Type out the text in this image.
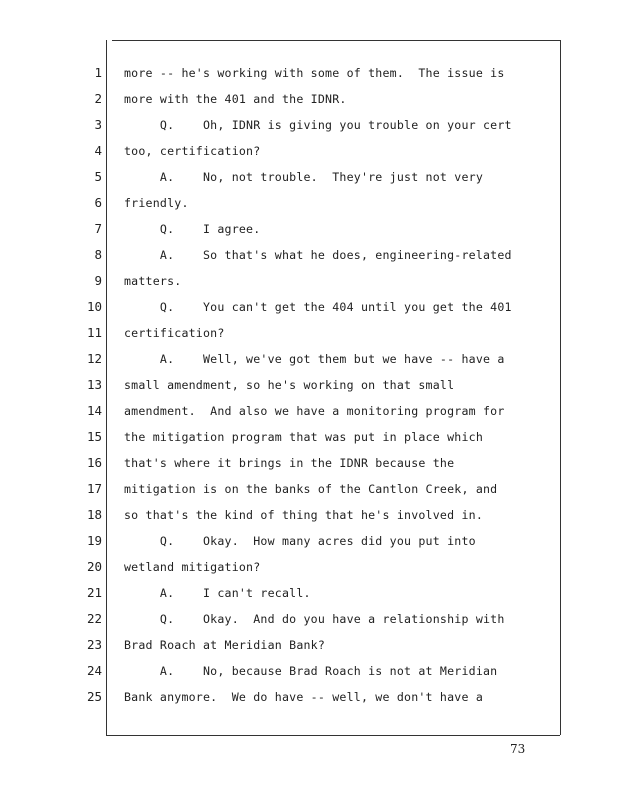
1 more -- he's working with some of them.  The issue is
2 more with the 401 and the IDNR.
3 Q.    Oh, IDNR is giving you trouble on your cert
4 too, certification?
5 A.    No, not trouble.  They're just not very
6 friendly.
7 Q.    I agree.
8 A.    So that's what he does, engineering-related
9 matters.
10 Q.    You can't get the 404 until you get the 401
11 certification?
12 A.    Well, we've got them but we have -- have a
13 small amendment, so he's working on that small
14 amendment.  And also we have a monitoring program for
15 the mitigation program that was put in place which
16 that's where it brings in the IDNR because the
17 mitigation is on the banks of the Cantlon Creek, and
18 so that's the kind of thing that he's involved in.
19 Q.    Okay.  How many acres did you put into
20 wetland mitigation?
21 A.    I can't recall.
22 Q.    Okay.  And do you have a relationship with
23 Brad Roach at Meridian Bank?
24 A.    No, because Brad Roach is not at Meridian
25 Bank anymore.  We do have -- well, we don't have a
73
